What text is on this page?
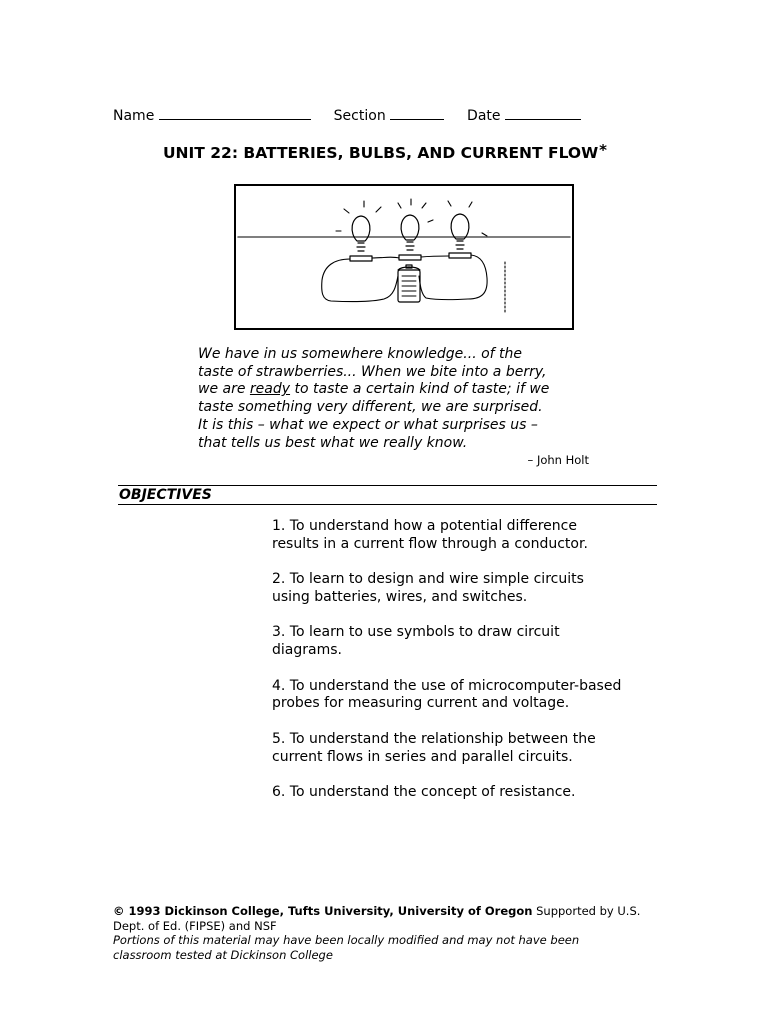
Name	Section	Date
UNIT 22: BATTERIES, BULBS, AND CURRENT FLOW*
We have in us somewhere knowledge... of the
taste of strawberries... When we bite into a berry,
we are ready to taste a certain kind of taste; if we
taste something very different, we are surprised.
It is this – what we expect or what surprises us –
that tells us best what we really know.
– John Holt
OBJECTIVES
1. To understand how a potential difference
results in a current flow through a conductor.
2. To learn to design and wire simple circuits
using batteries, wires, and switches.
3. To learn to use symbols to draw circuit
diagrams.
4. To understand the use of microcomputer-based
probes for measuring current and voltage.
5. To understand the relationship between the
current flows in series and parallel circuits.
6. To understand the concept of resistance.
© 1993 Dickinson College, Tufts University, University of Oregon Supported by U.S.
Dept. of Ed. (FIPSE) and NSF
Portions of this material may have been locally modified and may not have been
classroom tested at Dickinson College
